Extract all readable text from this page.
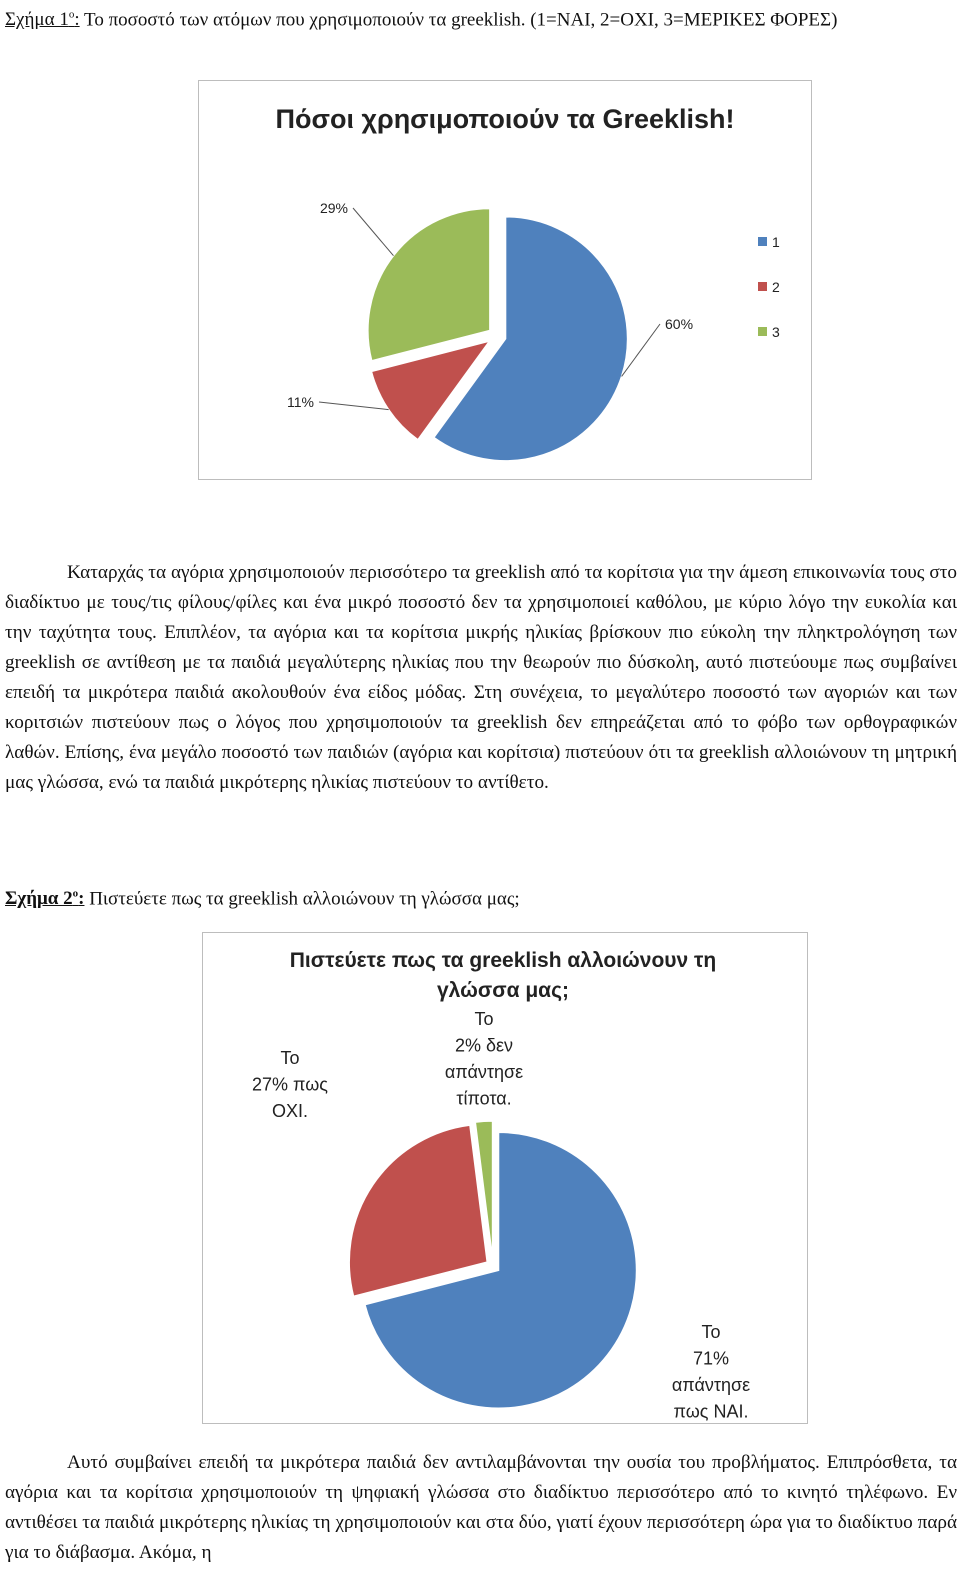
Σχήμα $1^o$: Το ποσοστό των ατόμων που χρησιμοποιούν τα greeklish. (1=ΝΑΙ, 2=ΟΧΙ, 3=ΜΕΡΙΚΕΣ ΦΟΡΕΣ)
Πόσοι χρησιμοποιούν τα Greeklish!
60%
11%
29%
1
2
3
Καταρχάς τα αγόρια χρησιμοποιούν περισσότερο τα greeklish από τα κορίτσια για την άμεση επικοινωνία τους στο διαδίκτυο με τους/τις φίλους/φίλες και ένα μικρό ποσοστό δεν τα χρησιμοποιεί καθόλου, με κύριο λόγο την ευκολία και την ταχύτητα τους. Επιπλέον, τα αγόρια και τα κορίτσια μικρής ηλικίας βρίσκουν πιο εύκολη την πληκτρολόγηση των greeklish σε αντίθεση με τα παιδιά μεγαλύτερης ηλικίας που την θεωρούν πιο δύσκολη, αυτό πιστεύουμε πως συμβαίνει επειδή τα μικρότερα παιδιά ακολουθούν ένα είδος μόδας. Στη συνέχεια, το μεγαλύτερο ποσοστό των αγοριών και των κοριτσιών πιστεύουν πως ο λόγος που χρησιμοποιούν τα greeklish δεν επηρεάζεται από το φόβο των ορθογραφικών λαθών. Επίσης, ένα μεγάλο ποσοστό των παιδιών (αγόρια και κορίτσια) πιστεύουν ότι τα greeklish αλλοιώνουν τη μητρική μας γλώσσα, ενώ τα παιδιά μικρότερης ηλικίας πιστεύουν το αντίθετο.
Σχήμα $2^o$: Πιστεύετε πως τα greeklish αλλοιώνουν τη γλώσσα μας;
Πιστεύετε πως τα greeklish αλλοιώνουν τη
γλώσσα μας;
Το
71%
απάντησε
πως ΝΑΙ.
Το
27% πως
ΟΧΙ.
Το
2% δεν
απάντησε
τίποτα.
Αυτό συμβαίνει επειδή τα μικρότερα παιδιά δεν αντιλαμβάνονται την ουσία του προβλήματος. Επιπρόσθετα, τα αγόρια και τα κορίτσια χρησιμοποιούν τη ψηφιακή γλώσσα στο διαδίκτυο περισσότερο από το κινητό τηλέφωνο. Εν αντιθέσει τα παιδιά μικρότερης ηλικίας τη χρησιμοποιούν και στα δύο, γιατί έχουν περισσότερη ώρα για το διαδίκτυο παρά για το διάβασμα. Ακόμα, η
